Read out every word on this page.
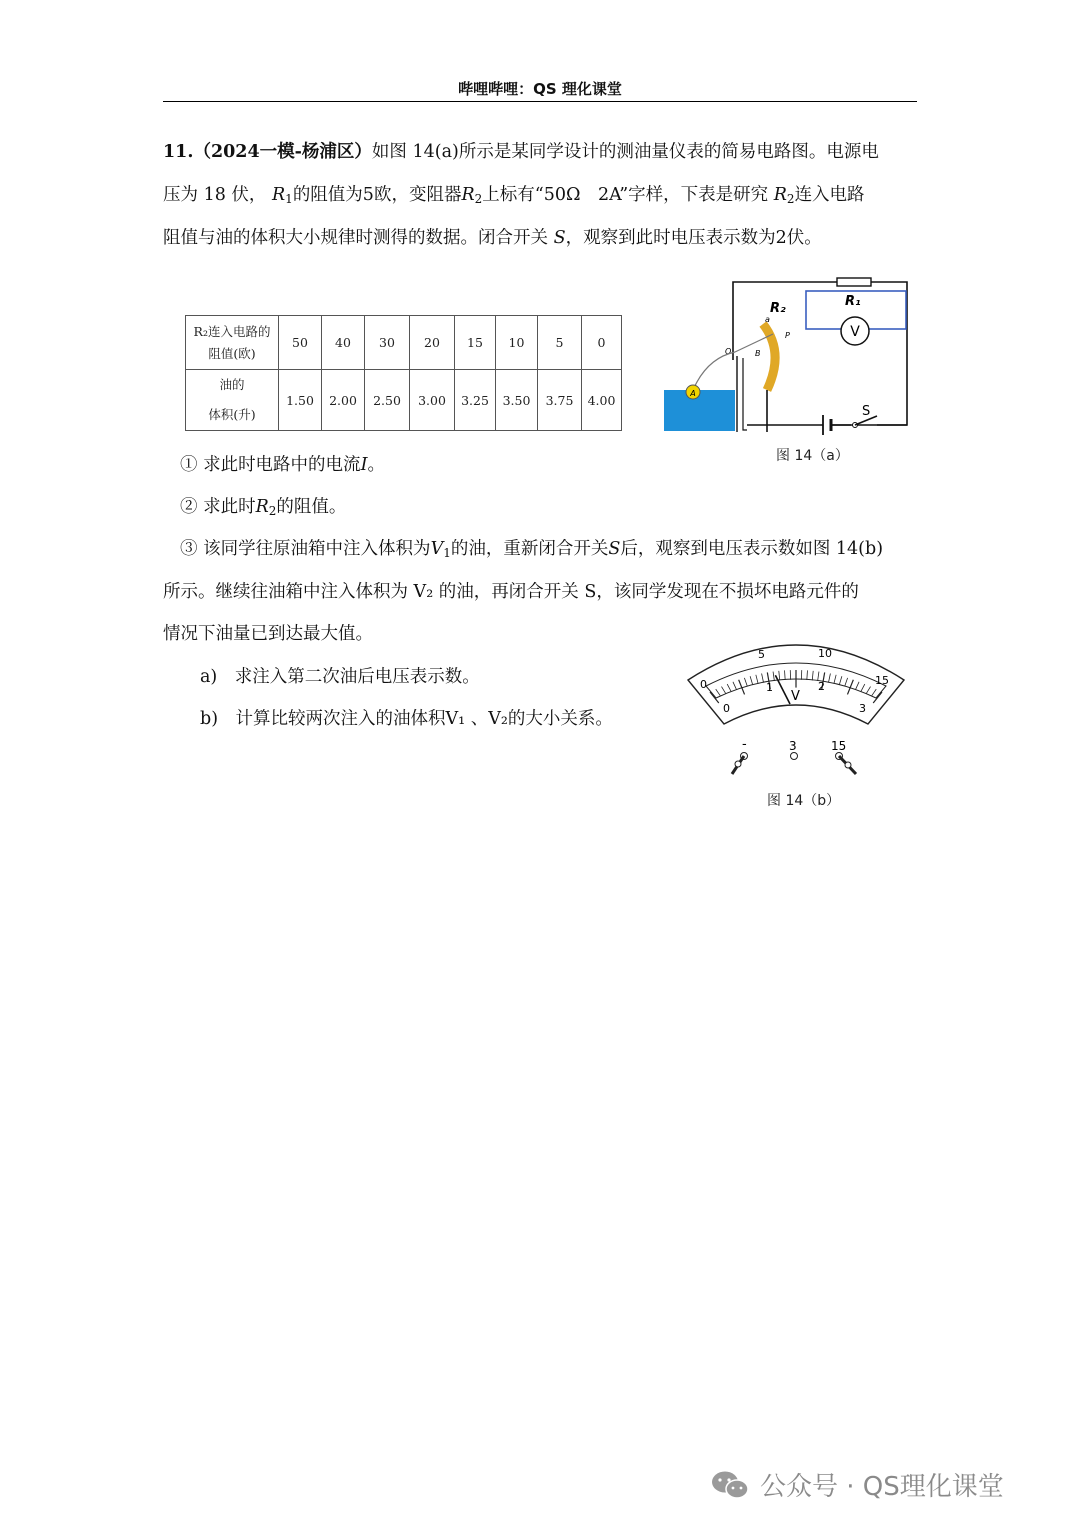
哔哩哔哩：QS 理化课堂
11.（2024一模-杨浦区）如图 14(a)所示是某同学设计的测油量仪表的简易电路图。电源电
压为 18 伏， $R_1$的阻值为5欧，变阻器$R_2$上标有“50Ω　2A”字样，下表是研究 $R_2$连入电路
阻值与油的体积大小规律时测得的数据。闭合开关 S，观察到此时电压表示数为2伏。
R₂连入电路的
阻值(欧)	50	40	30	20	15	10	5	0

油的
体积(升)	1.50	2.00	2.50	3.00	3.25	3.50	3.75	4.00
V
R₁
S
R₂
a
P
B
O
A
图 14（a）
① 求此时电路中的电流I。
② 求此时$R_2$的阻值。
③ 该同学往原油箱中注入体积为$V_1$的油，重新闭合开关S后，观察到电压表示数如图 14(b)
所示。继续往油箱中注入体积为 V₂ 的油，再闭合开关 S，该同学发现在不损坏电路元件的
情况下油量已到达最大值。
a)　求注入第二次油后电压表示数。
b)　计算比较两次注入的油体积V₁ 、V₂的大小关系。
0
5	10
15
0
1	2
3
V
-	3	15
图 14（b）
公众号 · QS理化课堂
